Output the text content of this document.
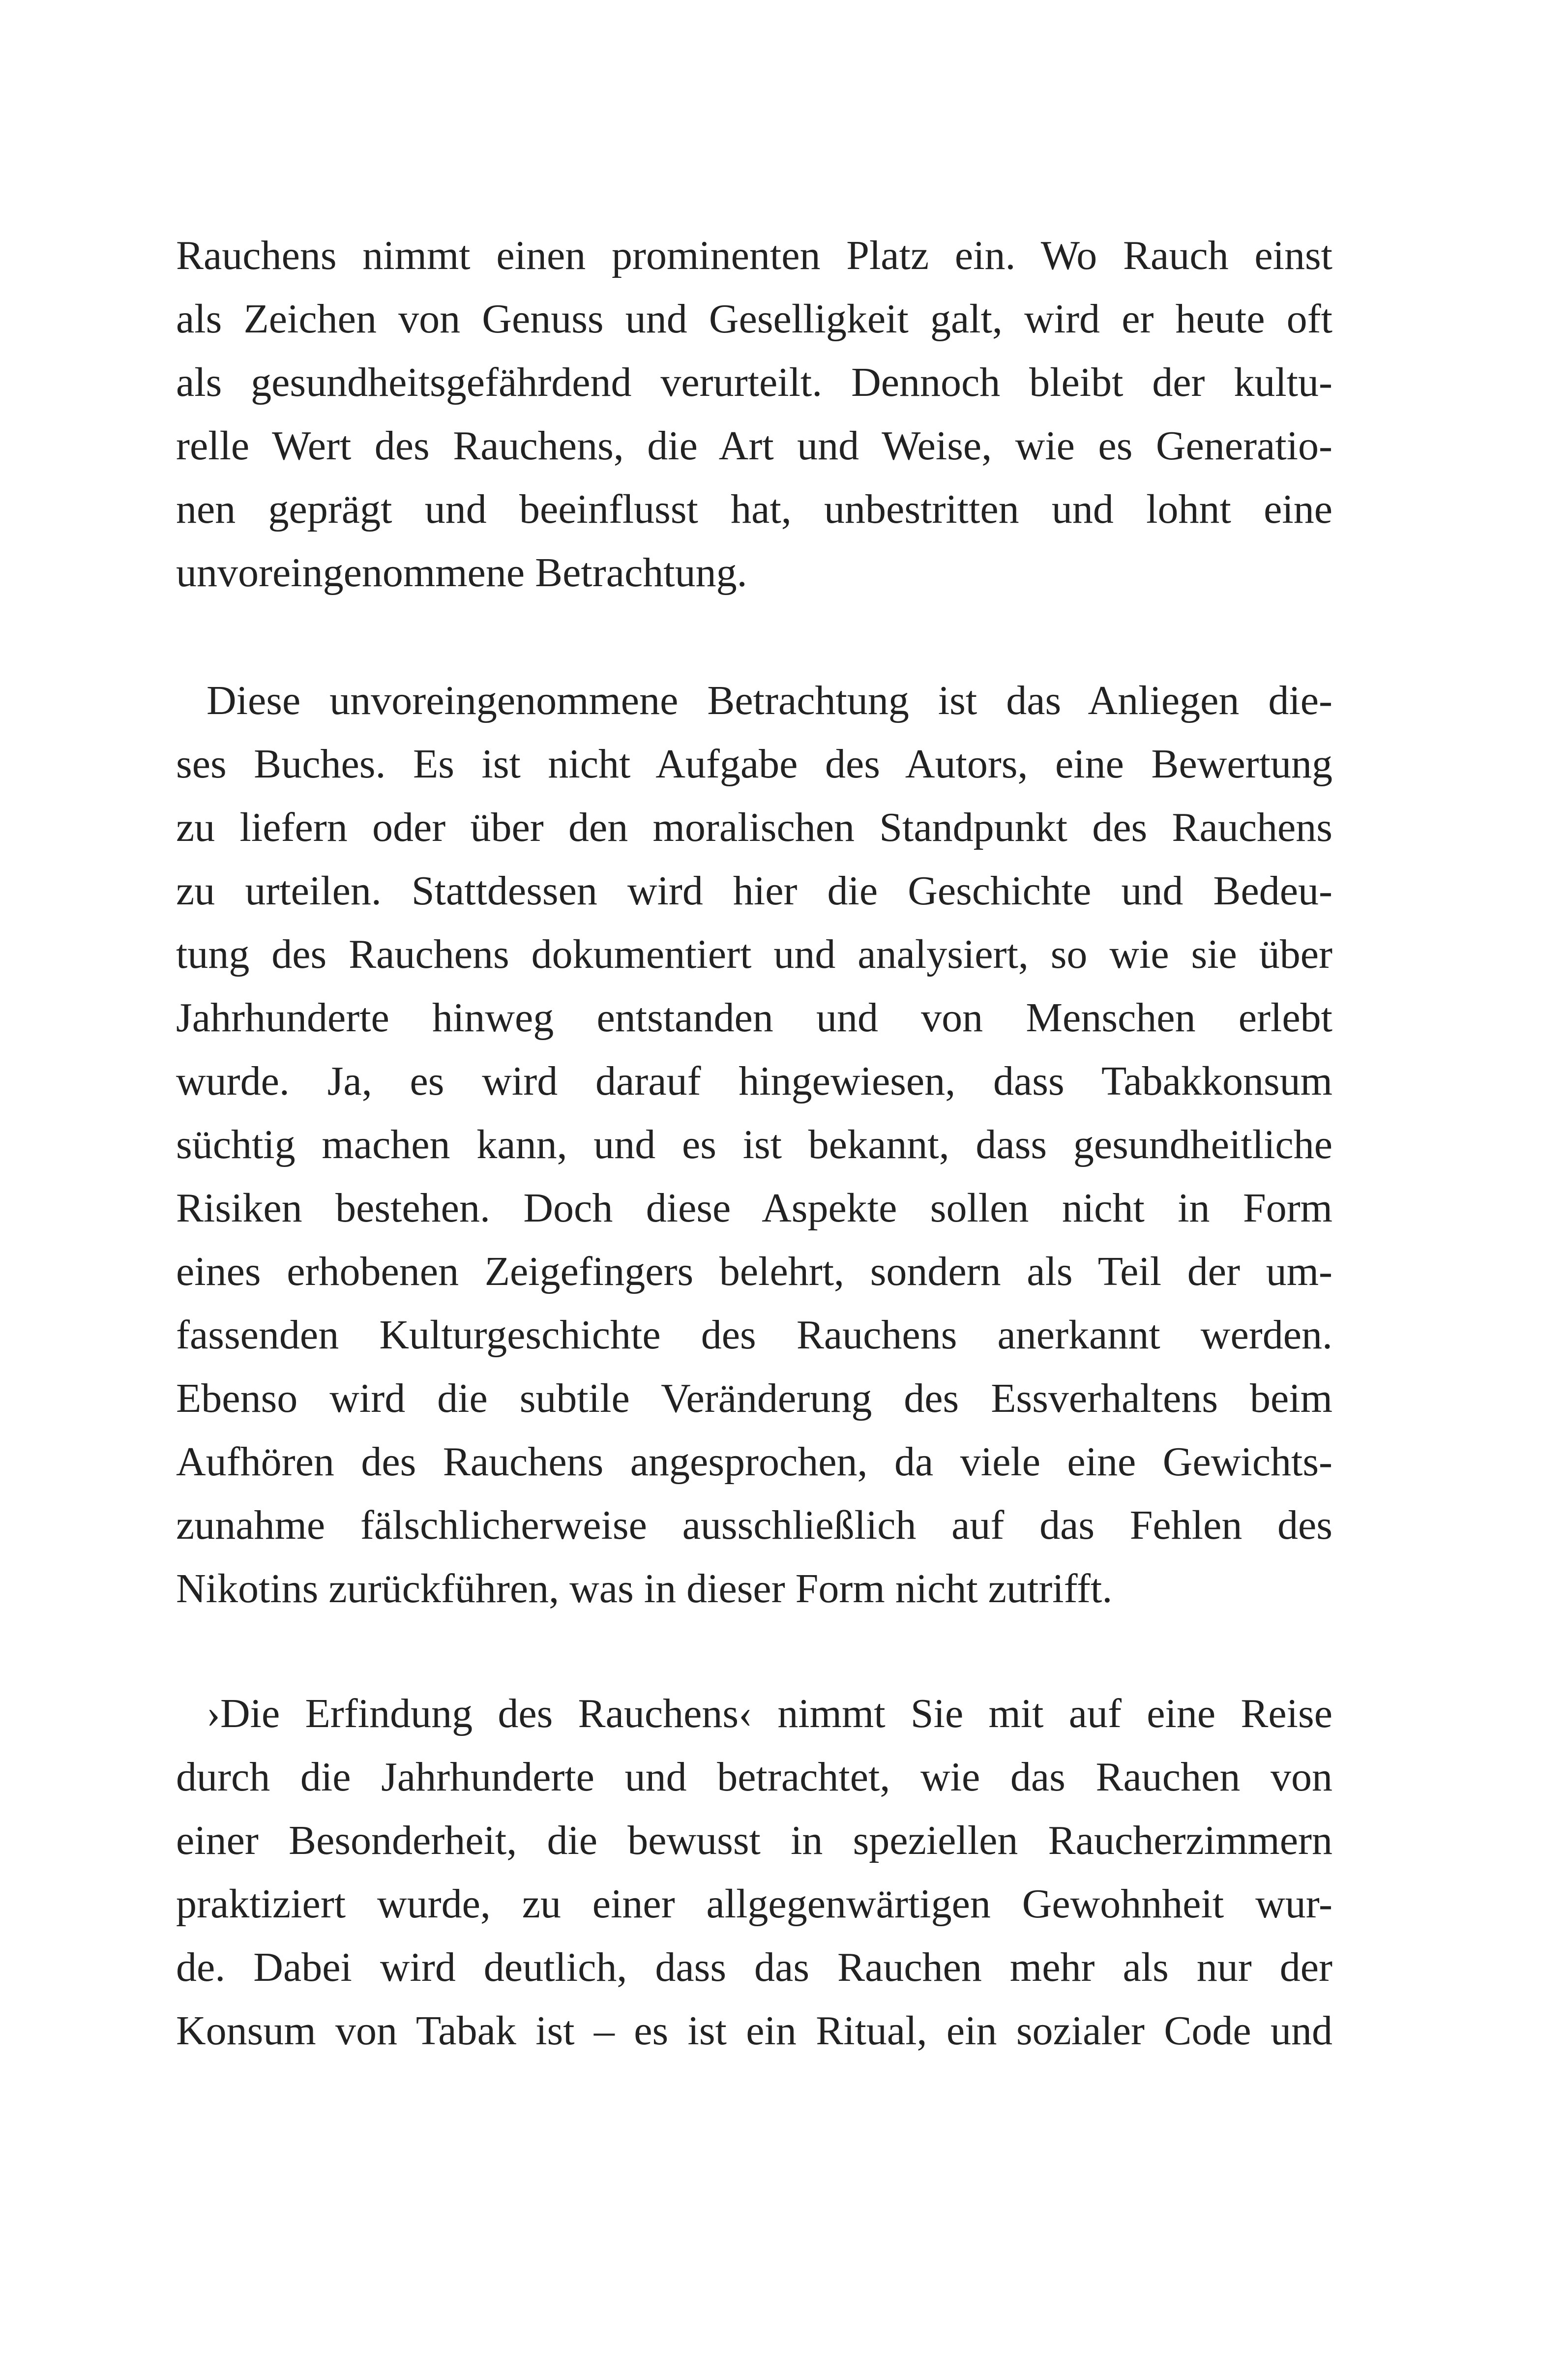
Rauchens nimmt einen prominenten Platz ein. Wo Rauch einst
als Zeichen von Genuss und Geselligkeit galt, wird er heute oft
als gesundheitsgefährdend verurteilt. Dennoch bleibt der kultu-
relle Wert des Rauchens, die Art und Weise, wie es Generatio-
nen geprägt und beeinflusst hat, unbestritten und lohnt eine
unvoreingenommene Betrachtung.
Diese unvoreingenommene Betrachtung ist das Anliegen die-
ses Buches. Es ist nicht Aufgabe des Autors, eine Bewertung
zu liefern oder über den moralischen Standpunkt des Rauchens
zu urteilen. Stattdessen wird hier die Geschichte und Bedeu-
tung des Rauchens dokumentiert und analysiert, so wie sie über
Jahrhunderte hinweg entstanden und von Menschen erlebt
wurde. Ja, es wird darauf hingewiesen, dass Tabakkonsum
süchtig machen kann, und es ist bekannt, dass gesundheitliche
Risiken bestehen. Doch diese Aspekte sollen nicht in Form
eines erhobenen Zeigefingers belehrt, sondern als Teil der um-
fassenden Kulturgeschichte des Rauchens anerkannt werden.
Ebenso wird die subtile Veränderung des Essverhaltens beim
Aufhören des Rauchens angesprochen, da viele eine Gewichts-
zunahme fälschlicherweise ausschließlich auf das Fehlen des
Nikotins zurückführen, was in dieser Form nicht zutrifft.
›Die Erfindung des Rauchens‹ nimmt Sie mit auf eine Reise
durch die Jahrhunderte und betrachtet, wie das Rauchen von
einer Besonderheit, die bewusst in speziellen Raucherzimmern
praktiziert wurde, zu einer allgegenwärtigen Gewohnheit wur-
de. Dabei wird deutlich, dass das Rauchen mehr als nur der
Konsum von Tabak ist – es ist ein Ritual, ein sozialer Code und
